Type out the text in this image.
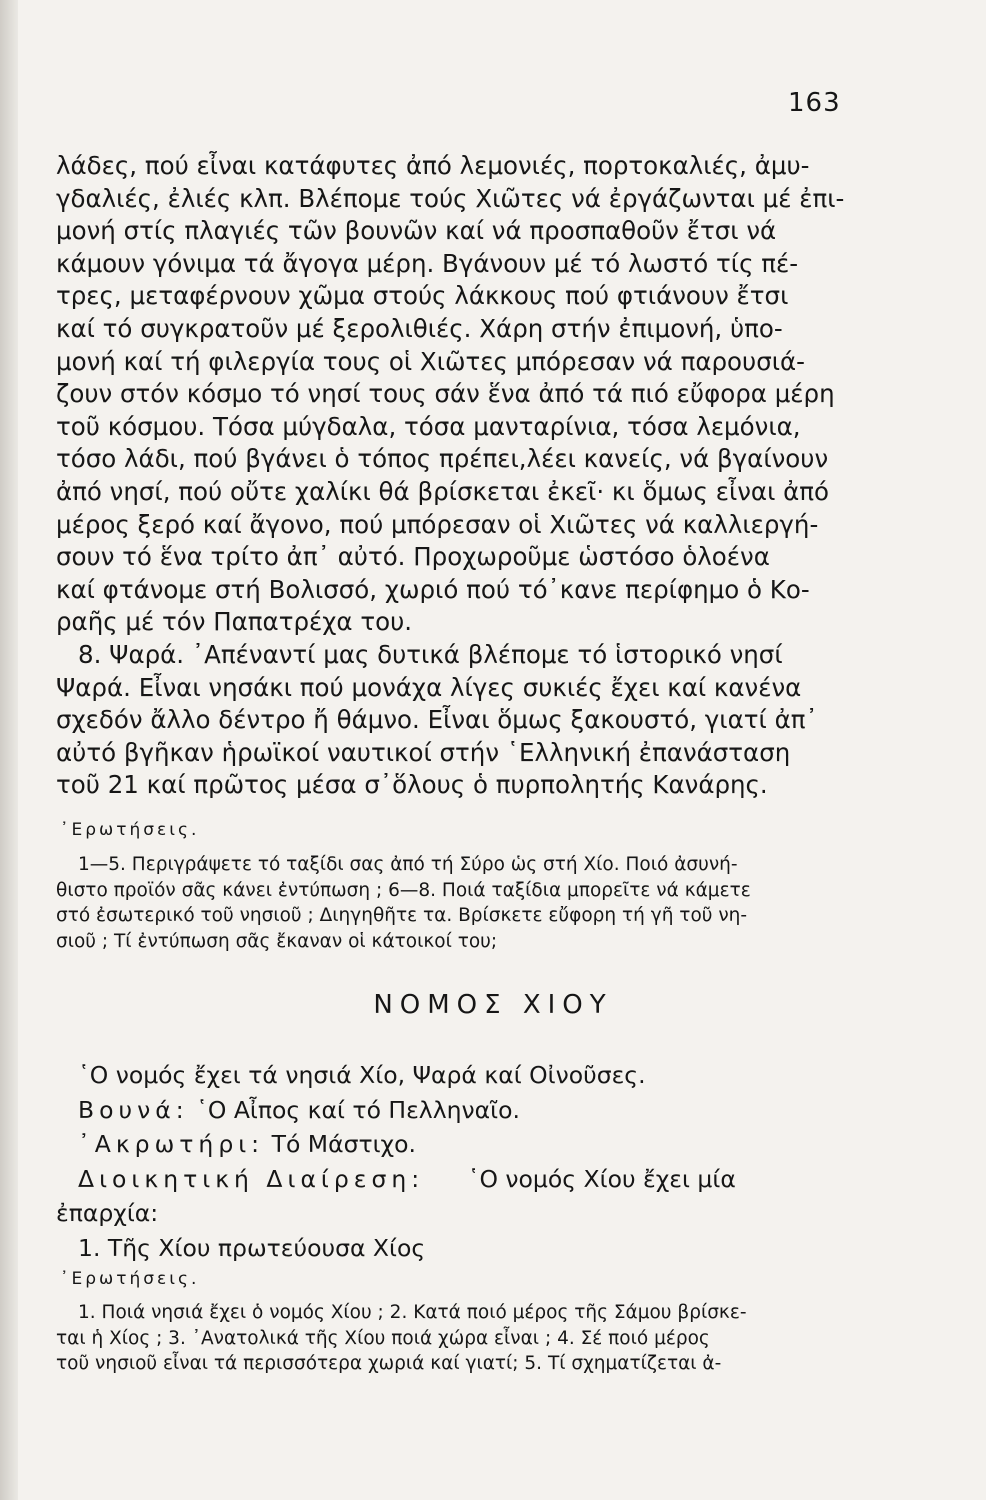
163
λάδες, πού εἶναι κατάφυτες ἀπό λεμονιές, πορτοκαλιές, ἀμυ-
γδαλιές, ἐλιές κλπ. Βλέπομε τούς Χιῶτες νά ἐργάζωνται μέ ἐπι-
μονή στίς πλαγιές τῶν βουνῶν καί νά προσπαθοῦν ἔτσι νά
κάμουν γόνιμα τά ἄγογα μέρη. Βγάνουν μέ τό λωστό τίς πέ-
τρες, μεταφέρνουν χῶμα στούς λάκκους πού φτιάνουν ἔτσι
καί τό συγκρατοῦν μέ ξερολιθιές. Χάρη στήν ἐπιμονή, ὑπο-
μονή καί τή φιλεργία τους οἱ Χιῶτες μπόρεσαν νά παρουσιά-
ζουν στόν κόσμο τό νησί τους σάν ἕνα ἀπό τά πιό εὔφορα μέρη
τοῦ κόσμου. Τόσα μύγδαλα, τόσα μανταρίνια, τόσα λεμόνια,
τόσο λάδι, πού βγάνει ὁ τόπος πρέπει,λέει κανείς, νά βγαίνουν
ἀπό νησί, πού οὔτε χαλίκι θά βρίσκεται ἐκεῖ· κι ὅμως εἶναι ἀπό
μέρος ξερό καί ἄγονο, πού μπόρεσαν οἱ Χιῶτες νά καλλιεργή-
σουν τό ἕνα τρίτο ἀπ᾽ αὐτό. Προχωροῦμε ὡστόσο ὁλοένα
καί φτάνομε στή Βολισσό, χωριό πού τό᾽κανε περίφημο ὁ Κο-
ραῆς μέ τόν Παπατρέχα του.
8. Ψαρά. ᾽Απέναντί μας δυτικά βλέπομε τό ἱστορικό νησί
Ψαρά. Εἶναι νησάκι πού μονάχα λίγες συκιές ἔχει καί κανένα
σχεδόν ἄλλο δέντρο ἤ θάμνο. Εἶναι ὅμως ξακουστό, γιατί ἀπ᾽
αὐτό βγῆκαν ἡρωϊκοί ναυτικοί στήν ῾Ελληνική ἐπανάσταση
τοῦ 21 καί πρῶτος μέσα σ᾽ὅλους ὁ πυρπολητής Κανάρης.
᾽Ερωτήσεις.
1—5. Περιγράψετε τό ταξίδι σας ἀπό τή Σύρο ὡς στή Χίο. Ποιό ἀσυνή-
θιστο προϊόν σᾶς κάνει ἐντύπωση ; 6—8. Ποιά ταξίδια μπορεῖτε νά κάμετε
στό ἐσωτερικό τοῦ νησιοῦ ; Διηγηθῆτε τα. Βρίσκετε εὔφορη τή γῆ τοῦ νη-
σιοῦ ; Τί ἐντύπωση σᾶς ἔκαναν οἱ κάτοικοί του;
ΝΟΜΟΣ ΧΙΟΥ
῾Ο νομός ἔχει τά νησιά Χίο, Ψαρά καί Οἰνοῦσες.
Βουνά: ῾Ο Αἶπος καί τό Πελληναῖο.
᾽Ακρωτήρι: Τό Μάστιχο.
Διοικητική Διαίρεση: ῾Ο νομός Χίου ἔχει μία
ἐπαρχία:
1. Τῆς Χίου πρωτεύουσα Χίος
᾽Ερωτήσεις.
1. Ποιά νησιά ἔχει ὁ νομός Χίου ; 2. Κατά ποιό μέρος τῆς Σάμου βρίσκε-
ται ἡ Χίος ; 3. ᾽Ανατολικά τῆς Χίου ποιά χώρα εἶναι ; 4. Σέ ποιό μέρος
τοῦ νησιοῦ εἶναι τά περισσότερα χωριά καί γιατί; 5. Τί σχηματίζεται ἀ-
